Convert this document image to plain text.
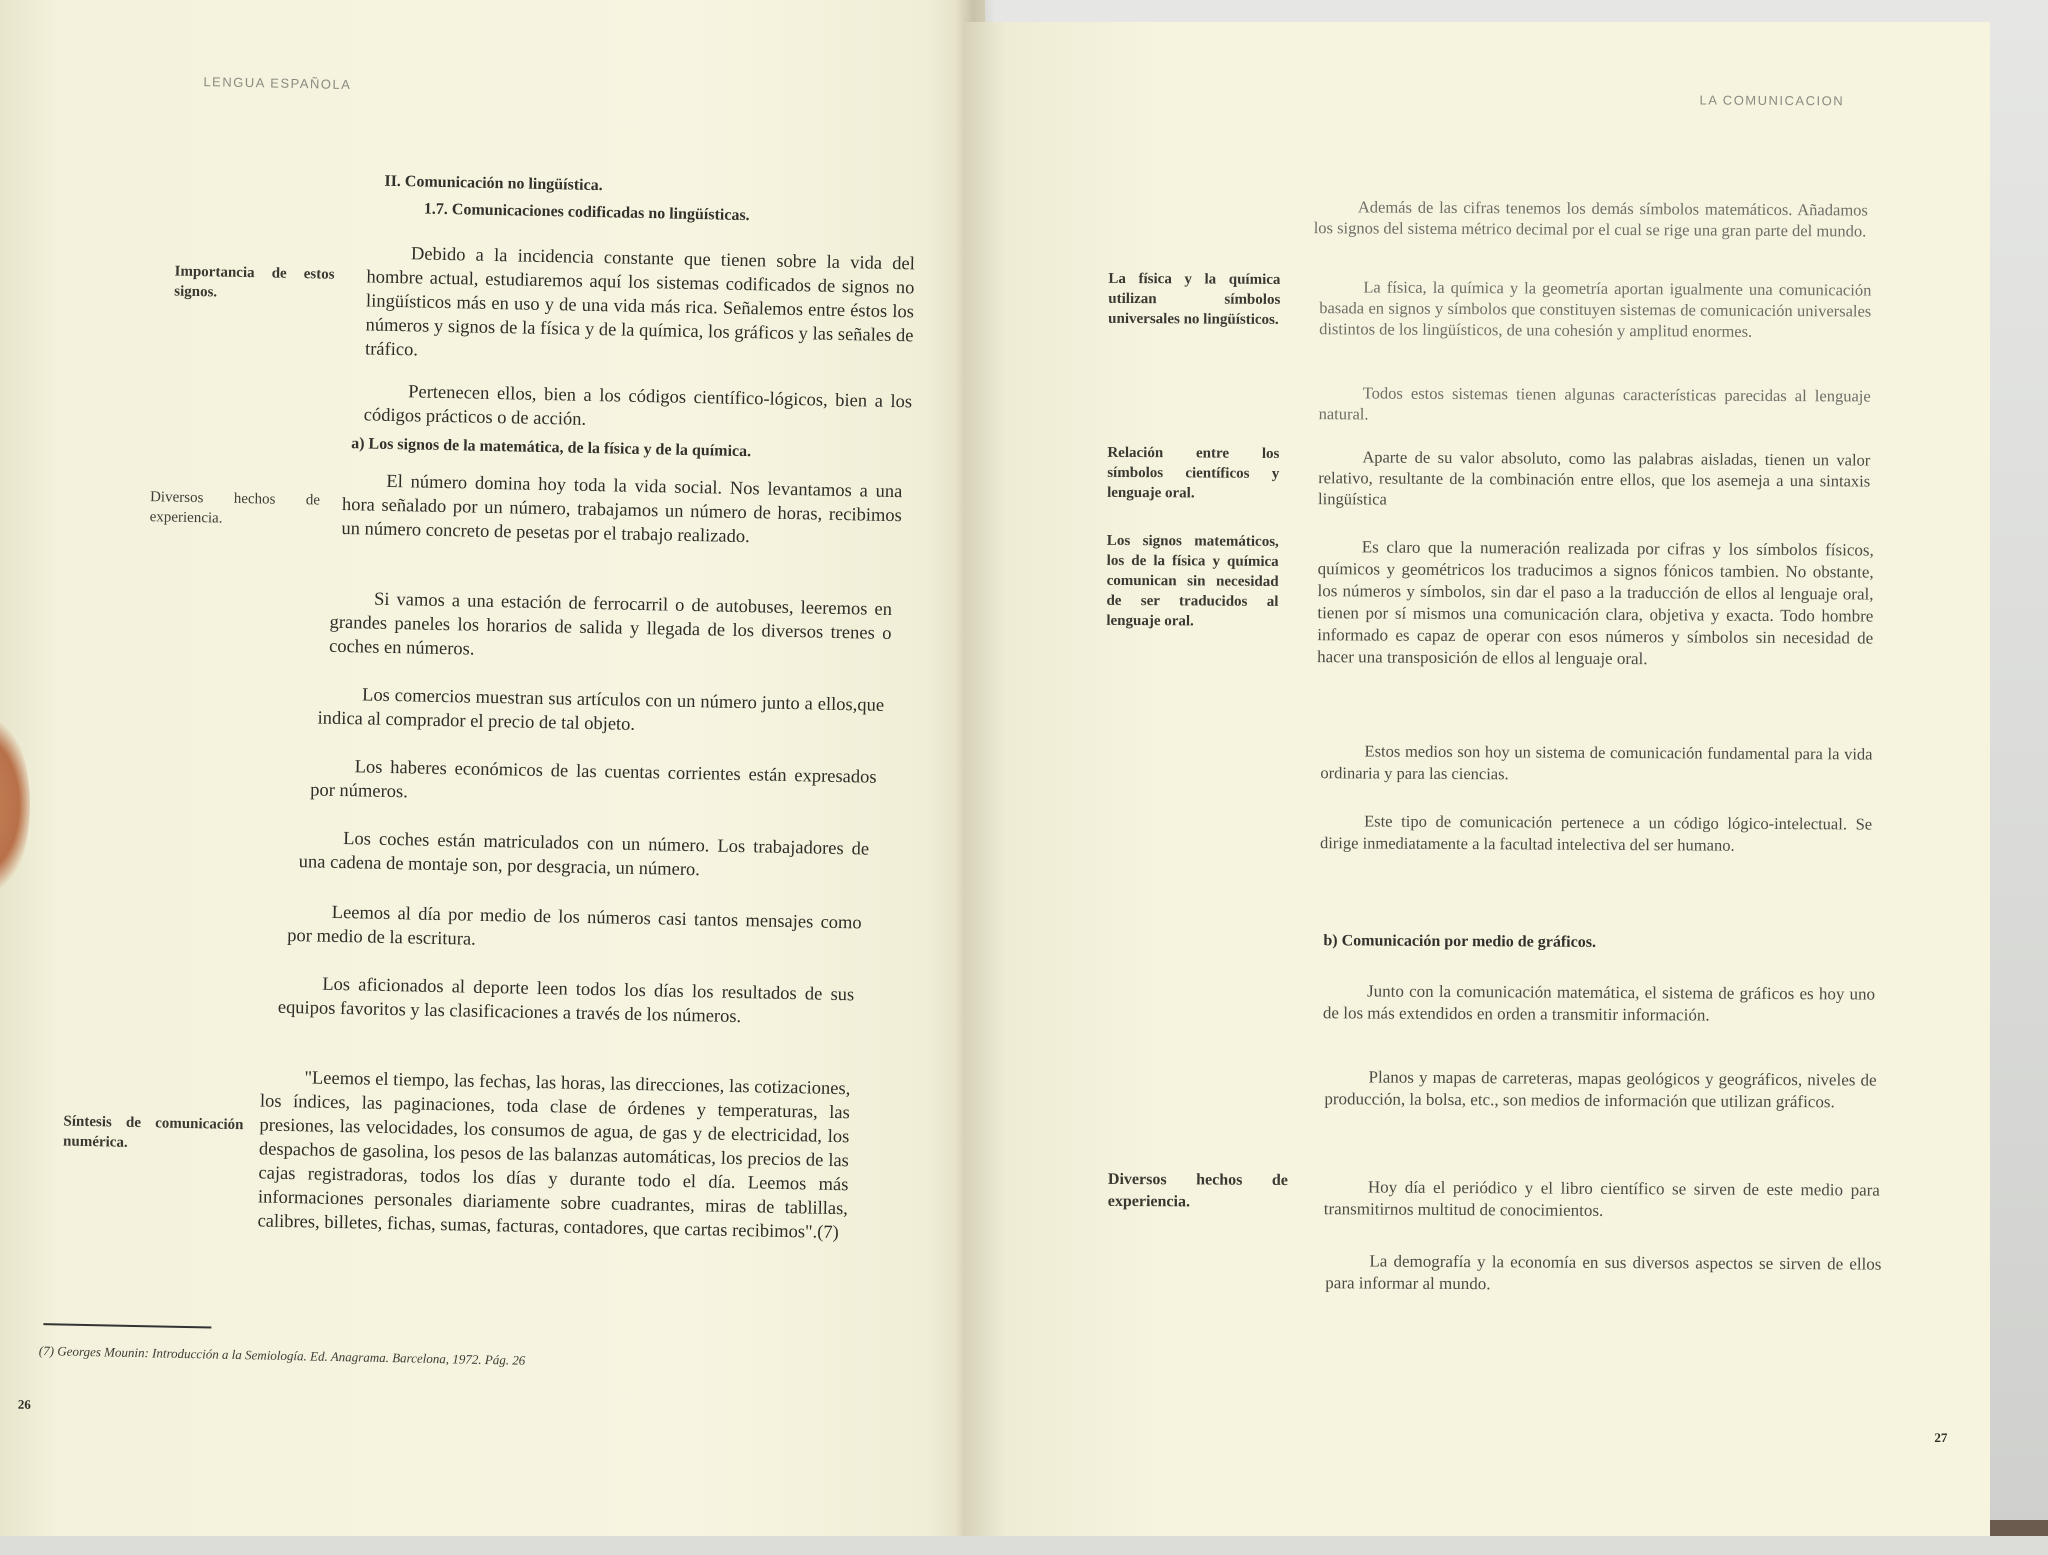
LENGUA ESPAÑOLA
II. Comunicación no lingüística.
1.7. Comunicaciones codificadas no lingüísticas.
Importancia de estos signos.
Debido a la incidencia constante que tienen sobre la vida del hombre actual, estudiaremos aquí los sistemas codificados de signos no lingüísticos más en uso y de una vida más rica. Señalemos entre éstos los números y signos de la física y de la química, los gráficos y las señales de tráfico.
Pertenecen ellos, bien a los códigos científico-lógicos, bien a los códigos prácticos o de acción.
a) Los signos de la matemática, de la física y de la química.
Diversos hechos de experiencia.
El número domina hoy toda la vida social. Nos levantamos a una hora señalado por un número, trabajamos un número de horas, recibimos un número concreto de pesetas por el trabajo realizado.
Si vamos a una estación de ferrocarril o de autobuses, leeremos en grandes paneles los horarios de salida y llegada de los diversos trenes o coches en números.
Los comercios muestran sus artículos con un número junto a ellos,que indica al comprador el precio de tal objeto.
Los haberes económicos de las cuentas corrientes están expresados por números.
Los coches están matriculados con un número. Los trabajadores de una cadena de montaje son, por desgracia, un número.
Leemos al día por medio de los números casi tantos mensajes como por medio de la escritura.
Los aficionados al deporte leen todos los días los resultados de sus equipos favoritos y las clasificaciones a través de los números.
Síntesis de comunicación numérica.
"Leemos el tiempo, las fechas, las horas, las direcciones, las cotizaciones, los índices, las paginaciones, toda clase de órdenes y temperaturas, las presiones, las velocidades, los consumos de agua, de gas y de electricidad, los despachos de gasolina, los pesos de las balanzas automáticas, los precios de las cajas registradoras, todos los días y durante todo el día. Leemos más informaciones personales diariamente sobre cuadrantes, miras de tablillas, calibres, billetes, fichas, sumas, facturas, contadores, que cartas recibimos".(7)
(7) Georges Mounin: Introducción a la Semiología. Ed. Anagrama. Barcelona, 1972. Pág. 26
26
LA COMUNICACION
Además de las cifras tenemos los demás símbolos matemáticos. Añadamos los signos del sistema métrico decimal por el cual se rige una gran parte del mundo.
La física y la química utilizan símbolos universales no lingüísticos.
La física, la química y la geometría aportan igualmente una comunicación basada en signos y símbolos que constituyen sistemas de comunicación universales distintos de los lingüísticos, de una cohesión y amplitud enormes.
Todos estos sistemas tienen algunas características parecidas al lenguaje natural.
Relación entre los símbolos científicos y lenguaje oral.
Aparte de su valor absoluto, como las palabras aisladas, tienen un valor relativo, resultante de la combinación entre ellos, que los asemeja a una sintaxis lingüística
Los signos matemáticos, los de la física y química comunican sin necesidad de ser traducidos al lenguaje oral.
Es claro que la numeración realizada por cifras y los símbolos físicos, químicos y geométricos los traducimos a signos fónicos tambien. No obstante, los números y símbolos, sin dar el paso a la traducción de ellos al lenguaje oral, tienen por sí mismos una comunicación clara, objetiva y exacta. Todo hombre informado es capaz de operar con esos números y símbolos sin necesidad de hacer una transposición de ellos al lenguaje oral.
Estos medios son hoy un sistema de comunicación fundamental para la vida ordinaria y para las ciencias.
Este tipo de comunicación pertenece a un código lógico-intelectual. Se dirige inmediatamente a la facultad intelectiva del ser humano.
b) Comunicación por medio de gráficos.
Junto con la comunicación matemática, el sistema de gráficos es hoy uno de los más extendidos en orden a transmitir información.
Planos y mapas de carreteras, mapas geológicos y geográficos, niveles de producción, la bolsa, etc., son medios de información que utilizan gráficos.
Diversos hechos de experiencia.
Hoy día el periódico y el libro científico se sirven de este medio para transmitirnos multitud de conocimientos.
La demografía y la economía en sus diversos aspectos se sirven de ellos para informar al mundo.
27
